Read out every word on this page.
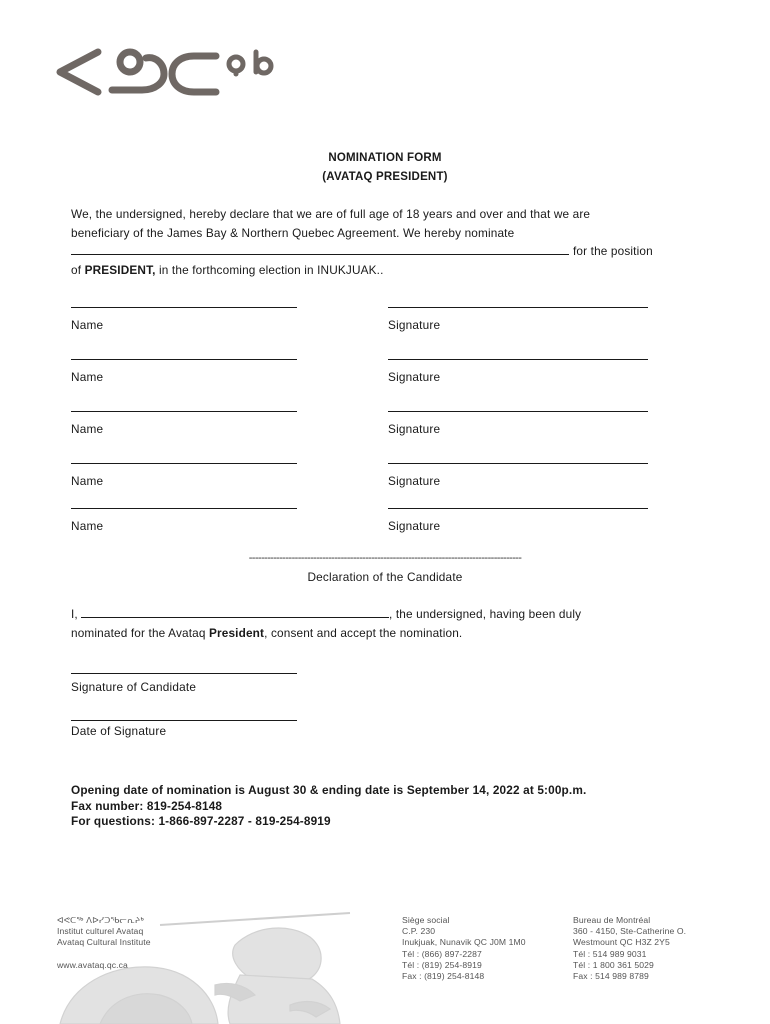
NOMINATION FORM
(AVATAQ PRESIDENT)
We, the undersigned, hereby declare that we are of full age of 18 years and over and that we are
beneficiary of the James Bay & Northern Quebec Agreement. We hereby nominate
for the position
of PRESIDENT, in the forthcoming election in INUKJUAK..
Name	Signature
Name	Signature
Name	Signature
Name	Signature
Name	Signature
-----------------------------------------------------------------------------------------
Declaration of the Candidate
I,	, the undersigned, having been duly
nominated for the Avataq President, consent and accept the nomination.
Signature of Candidate
Date of Signature
Opening date of nomination is August 30 & ending date is September 14, 2022 at 5:00p.m.
Fax number: 819-254-8148
For questions: 1-866-897-2287 - 819-254-8919
ᐊᕙᑕᖅ ᐱᐅᓯᑐᖃᓕᕆᔨᒃ
Institut culturel Avataq
Avataq Cultural Institute
www.avataq.qc.ca
Siège social
C.P. 230
Inukjuak, Nunavik QC J0M 1M0
Tél : (866) 897-2287
Tél : (819) 254-8919
Fax : (819) 254-8148
Bureau de Montréal
360 - 4150, Ste-Catherine O.
Westmount QC H3Z 2Y5
Tél : 514 989 9031
Tél : 1 800 361 5029
Fax : 514 989 8789
